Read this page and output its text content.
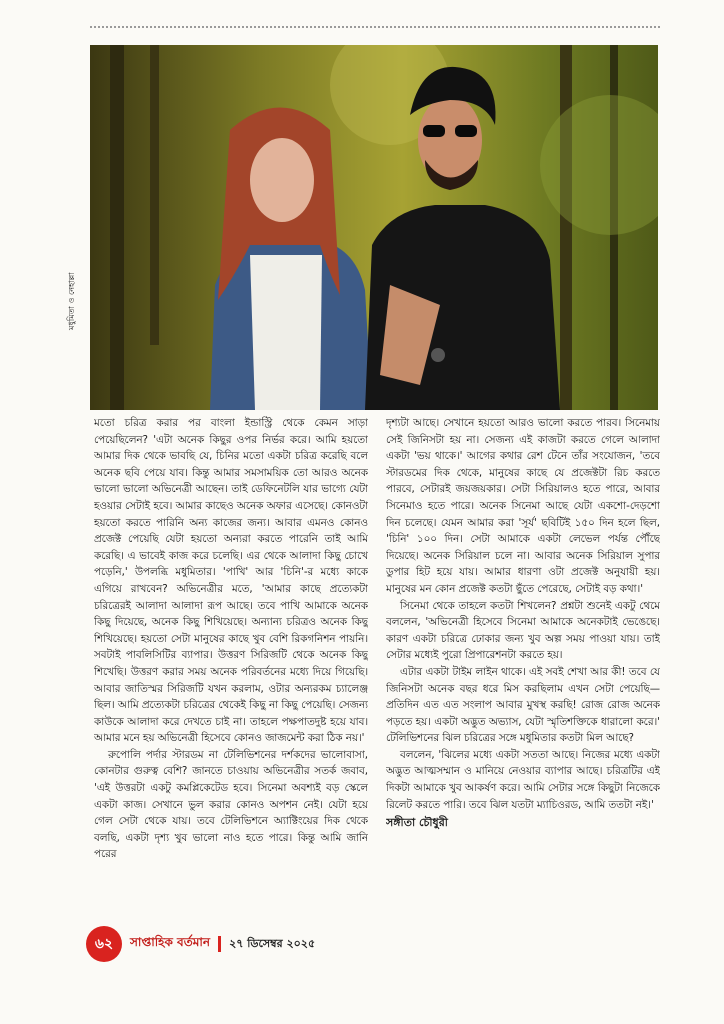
মধুমিতা ও নেহাল্লা

মতো চরিত্র করার পর বাংলা ইন্ডাস্ট্রি থেকে কেমন সাড়া পেয়েছিলেন? 'এটা অনেক কিছুর ওপর নির্ভর করে। আমি হয়তো আমার দিক থেকে ভাবছি যে, চিনির মতো একটা চরিত্র করেছি বলে অনেক ছবি পেয়ে যাব। কিন্তু আমার সমসাময়িক তো আরও অনেক ভালো ভালো অভিনেত্রী আছেন। তাই ডেফিনেটলি যার ভাগ্যে যেটা হওয়ার সেটাই হবে। আমার কাছেও অনেক অফার এসেছে। কোনওটা হয়তো করতে পারিনি অন্য কাজের জন্য। আবার এমনও কোনও প্রজেক্ট পেয়েছি যেটা হয়তো অন্যরা করতে পারেনি তাই আমি করেছি। এ ভাবেই কাজ করে চলেছি। এর থেকে আলাদা কিছু চোখে পড়েনি,' উপলব্ধি মধুমিতার। 'পাখি' আর 'চিনি'-র মধ্যে কাকে এগিয়ে রাখবেন? অভিনেত্রীর মতে, 'আমার কাছে প্রত্যেকটা চরিত্রেরই আলাদা আলাদা রূপ আছে। তবে পাখি আমাকে অনেক কিছু দিয়েছে, অনেক কিছু শিখিয়েছে। অন্যান্য চরিত্রও অনেক কিছু শিখিয়েছে। হয়তো সেটা মানুষের কাছে খুব বেশি রিকগনিশন পায়নি। সবটাই পাবলিসিটির ব্যাপার। উত্তরণ সিরিজটি থেকে অনেক কিছু শিখেছি। উত্তরণ করার সময় অনেক পরিবর্তনের মধ্যে দিয়ে গিয়েছি। আবার জাতিস্মর সিরিজটি যখন করলাম, ওটার অন্যরকম চ্যালেঞ্জ ছিল। আমি প্রত্যেকটা চরিত্রের থেকেই কিছু না কিছু পেয়েছি। সেজন্য কাউকে আলাদা করে দেখতে চাই না। তাহলে পক্ষপাতদুষ্ট হয়ে যাব। আমার মনে হয় অভিনেত্রী হিসেবে কোনও জাজমেন্ট করা ঠিক নয়।'

রুপোলি পর্দার স্টারডম না টেলিভিশনের দর্শকদের ভালোবাসা, কোনটার গুরুত্ব বেশি? জানতে চাওয়ায় অভিনেত্রীর সতর্ক জবাব, 'এই উত্তরটা একটু কমপ্লিকেটেড হবে। সিনেমা অবশ্যই বড় স্কেলে একটা কাজ। সেখানে ভুল করার কোনও অপশন নেই। যেটা হয়ে গেল সেটা থেকে যায়। তবে টেলিভিশনে অ্যাক্টিংয়ের দিক থেকে বলছি, একটা দৃশ্য খুব ভালো নাও হতে পারে। কিন্তু আমি জানি পরের

দৃশ্যটা আছে। সেখানে হয়তো আরও ভালো করতে পারব। সিনেমায় সেই জিনিসটা হয় না। সেজন্য এই কাজটা করতে গেলে আলাদা একটা 'ভয় থাকে।' আগের কথার রেশ টেনে তাঁর সংযোজন, 'তবে স্টারডমের দিক থেকে, মানুষের কাছে যে প্রজেক্টটা রিচ করতে পারবে, সেটারই জয়জয়কার। সেটা সিরিয়ালও হতে পারে, আবার সিনেমাও হতে পারে। অনেক সিনেমা আছে যেটা একশো-দেড়শো দিন চলেছে। যেমন আমার করা 'সূর্য' ছবিটিই ১৫০ দিন হলে ছিল, 'চিনি' ১০০ দিন। সেটা আমাকে একটা লেভেল পর্যন্ত পৌঁছে দিয়েছে। অনেক সিরিয়াল চলে না। আবার অনেক সিরিয়াল সুপার ডুপার হিট হয়ে যায়। আমার ধারণা ওটা প্রজেক্ট অনুযায়ী হয়। মানুষের মন কোন প্রজেক্ট কতটা ছুঁতে পেরেছে, সেটাই বড় কথা।'

সিনেমা থেকে তাহলে কতটা শিখলেন? প্রশ্নটা শুনেই একটু থেমে বললেন, 'অভিনেত্রী হিসেবে সিনেমা আমাকে অনেকটাই ভেঙেছে। কারণ একটা চরিত্রে ঢোকার জন্য খুব অল্প সময় পাওয়া যায়। তাই সেটার মধ্যেই পুরো প্রিপারেশনটা করতে হয়।

এটার একটা টাইম লাইন থাকে। এই সবই শেখা আর কী! তবে যে জিনিসটা অনেক বছর ধরে মিস করছিলাম এখন সেটা পেয়েছি— প্রতিদিন এত এত সংলাপ আবার মুখস্থ করছি! রোজ রোজ অনেক পড়তে হয়। একটা অদ্ভুত অভ্যাস, যেটা স্মৃতিশক্তিকে ধারালো করে।' টেলিভিশনের ঝিল চরিত্রের সঙ্গে মধুমিতার কতটা মিল আছে?

বললেন, 'ঝিলের মধ্যে একটা সততা আছে। নিজের মধ্যে একটা অদ্ভুত আত্মসম্মান ও মানিয়ে নেওয়ার ব্যাপার আছে। চরিত্রটির এই দিকটা আমাকে খুব আকর্ষণ করে। আমি সেটার সঙ্গে কিছুটা নিজেকে রিলেট করতে পারি। তবে ঝিল যতটা ম্যাচিওরড, আমি ততটা নই।'

সঙ্গীতা চৌধুরী
৬২	সাপ্তাহিক বর্তমান ২৭ ডিসেম্বর ২০২৫
